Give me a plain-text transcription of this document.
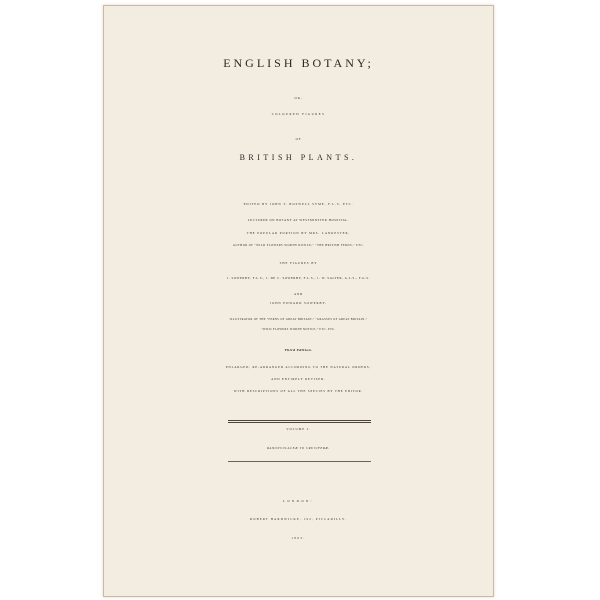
ENGLISH BOTANY;
OR,
COLOURED FIGURES
OF
BRITISH PLANTS.
EDITED BY JOHN T. BOSWELL SYME, F.L.S. ETC.
LECTURER ON BOTANY AT WESTMINSTER HOSPITAL.
THE POPULAR PORTION BY MRS. LANKESTER,
AUTHOR OF "WILD FLOWERS WORTH NOTICE," "THE BRITISH FERNS," ETC.
THE FIGURES BY
J. SOWERBY, F.L.S., J. DE C. SOWERBY, F.L.S., J. W. SALTER, A.L.S., F.G.S.
AND
JOHN EDWARD SOWERBY,
ILLUSTRATOR OF THE "FERNS OF GREAT BRITAIN," "GRASSES OF GREAT BRITAIN,"
"WILD FLOWERS WORTH NOTICE," ETC. ETC.
Third Edition.
ENLARGED, RE-ARRANGED ACCORDING TO THE NATURAL ORDERS,
AND ENTIRELY REVISED.
WITH DESCRIPTIONS OF ALL THE SPECIES BY THE EDITOR.
VOLUME I.
RANUNCULACEÆ TO CRUCIFERÆ.
LONDON:
ROBERT HARDWICKE, 192, PICCADILLY.
1863.
